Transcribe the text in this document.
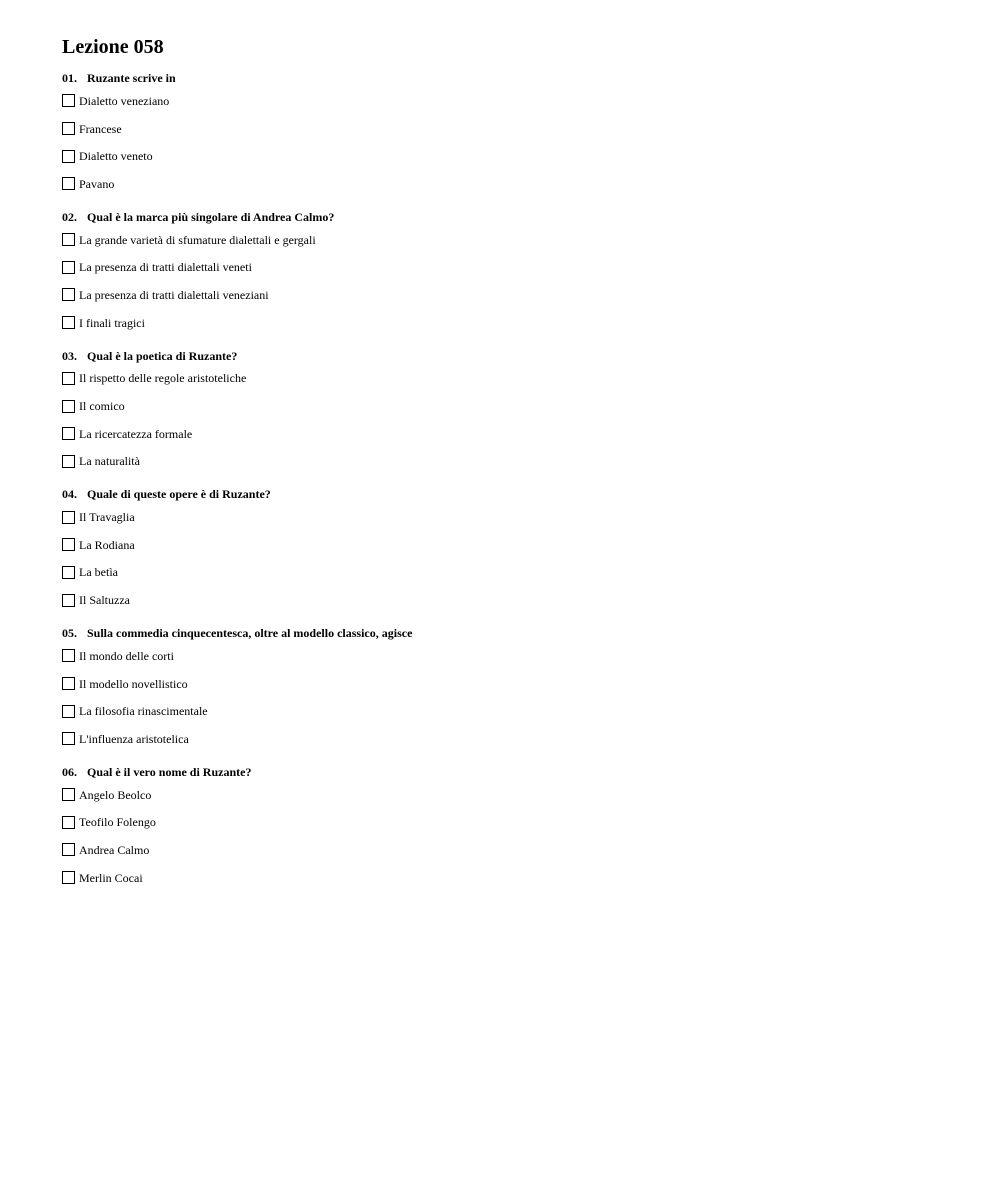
Lezione 058
01. Ruzante scrive in
Dialetto veneziano
Francese
Dialetto veneto
Pavano
02. Qual è la marca più singolare di Andrea Calmo?
La grande varietà di sfumature dialettali e gergali
La presenza di tratti dialettali veneti
La presenza di tratti dialettali veneziani
I finali tragici
03. Qual è la poetica di Ruzante?
Il rispetto delle regole aristoteliche
Il comico
La ricercatezza formale
La naturalità
04. Quale di queste opere è di Ruzante?
Il Travaglia
La Rodiana
La betìa
Il Saltuzza
05. Sulla commedia cinquecentesca, oltre al modello classico, agisce
Il mondo delle corti
Il modello novellistico
La filosofia rinascimentale
L'influenza aristotelica
06. Qual è il vero nome di Ruzante?
Angelo Beolco
Teofilo Folengo
Andrea Calmo
Merlin Cocai
